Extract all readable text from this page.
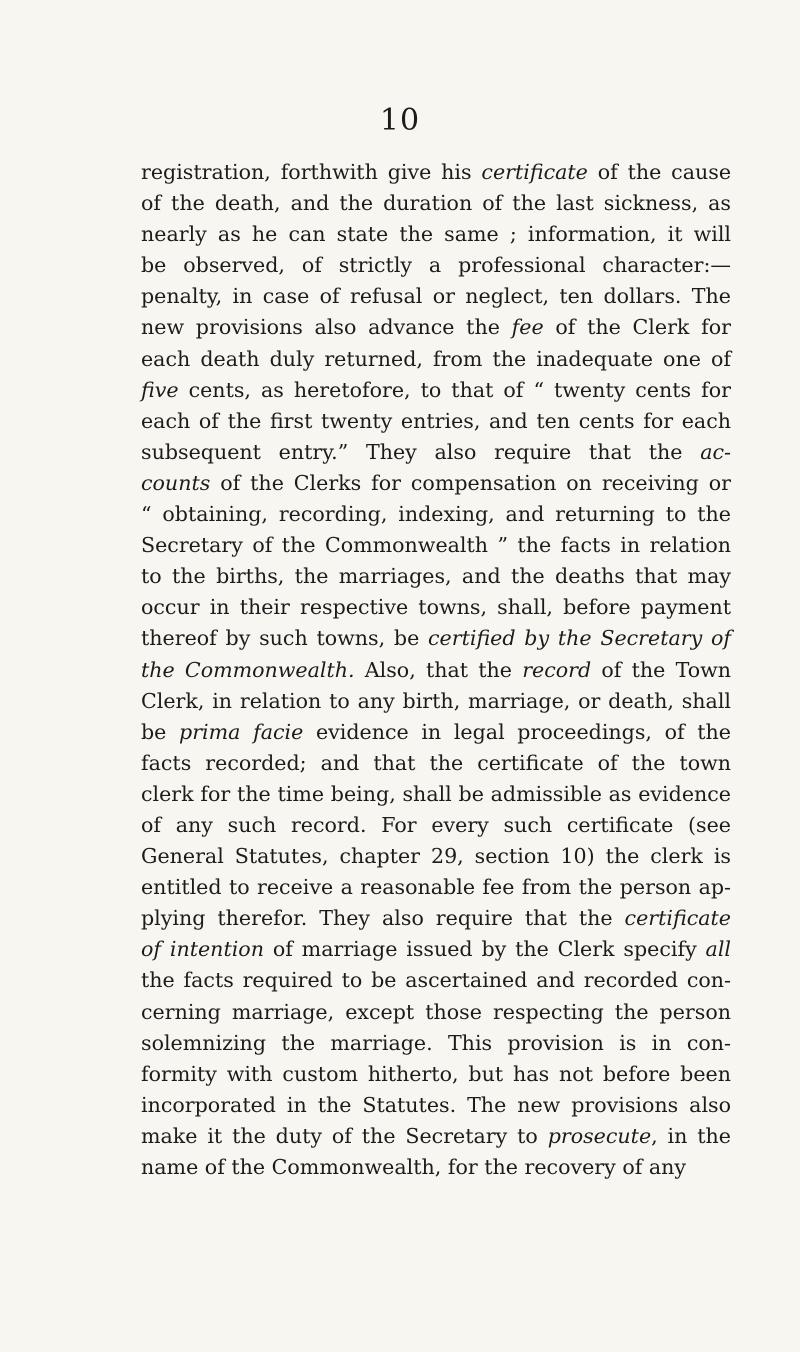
10
registration, forthwith give his certificate of the cause
of the death, and the duration of the last sickness, as
nearly as he can state the same ; information, it will
be observed, of strictly a professional character:—
penalty, in case of refusal or neglect, ten dollars. The
new provisions also advance the fee of the Clerk for
each death duly returned, from the inadequate one of
five cents, as heretofore, to that of “ twenty cents for
each of the first twenty entries, and ten cents for each
subsequent entry.” They also require that the ac-
counts of the Clerks for compensation on receiving or
“ obtaining, recording, indexing, and returning to the
Secretary of the Commonwealth ” the facts in relation
to the births, the marriages, and the deaths that may
occur in their respective towns, shall, before payment
thereof by such towns, be certified by the Secretary of
the Commonwealth. Also, that the record of the Town
Clerk, in relation to any birth, marriage, or death, shall
be prima facie evidence in legal proceedings, of the
facts recorded; and that the certificate of the town
clerk for the time being, shall be admissible as evidence
of any such record. For every such certificate (see
General Statutes, chapter 29, section 10) the clerk is
entitled to receive a reasonable fee from the person ap-
plying therefor. They also require that the certificate
of intention of marriage issued by the Clerk specify all
the facts required to be ascertained and recorded con-
cerning marriage, except those respecting the person
solemnizing the marriage. This provision is in con-
formity with custom hitherto, but has not before been
incorporated in the Statutes. The new provisions also
make it the duty of the Secretary to prosecute, in the
name of the Commonwealth, for the recovery of any
